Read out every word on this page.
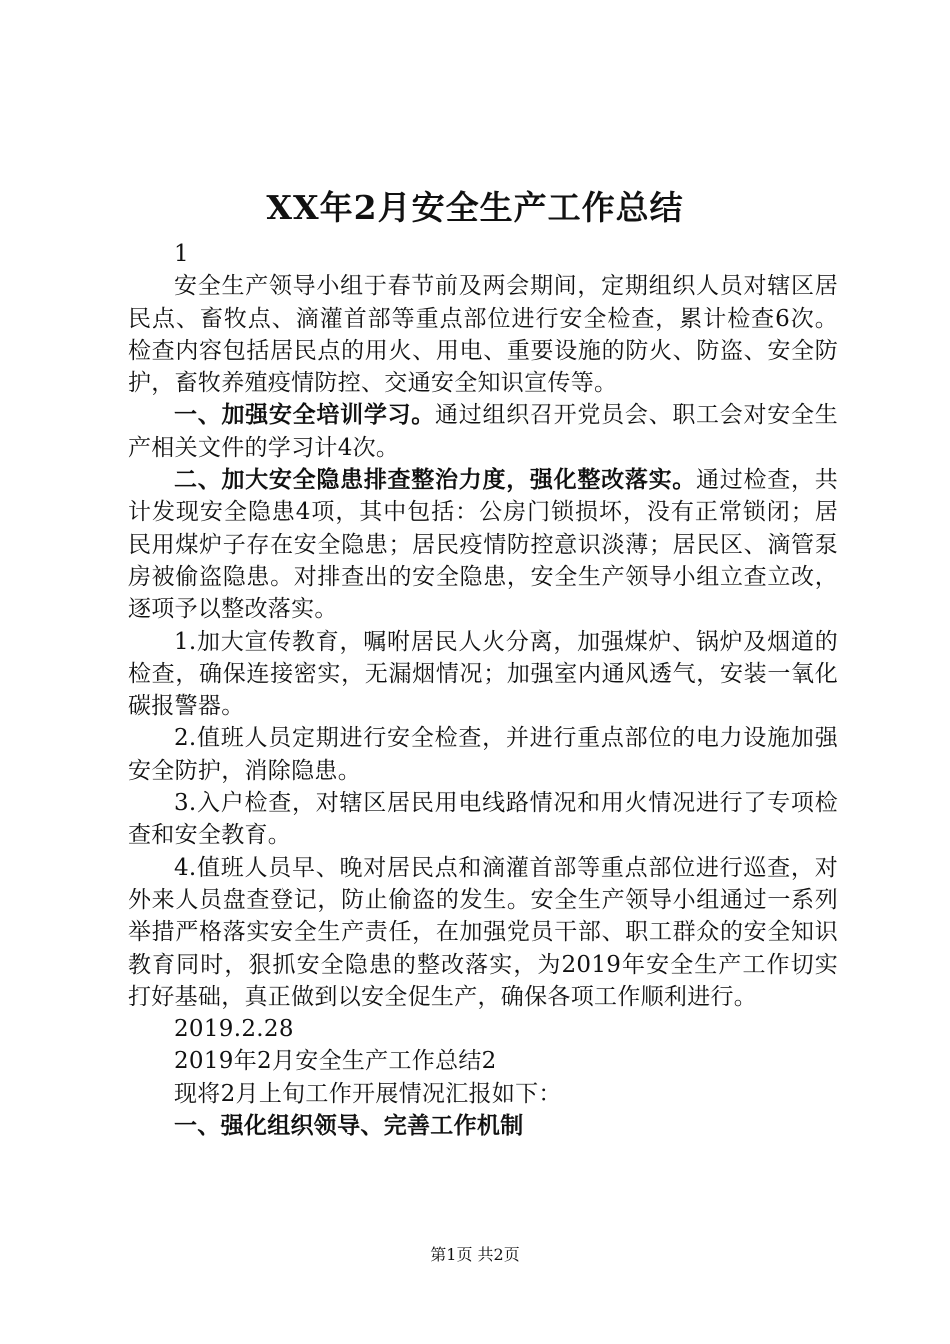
XX年2月安全生产工作总结

1

安全生产领导小组于春节前及两会期间，定期组织人员对辖区居民点、畜牧点、滴灌首部等重点部位进行安全检查，累计检查6次。检查内容包括居民点的用火、用电、重要设施的防火、防盗、安全防护，畜牧养殖疫情防控、交通安全知识宣传等。

一、加强安全培训学习。通过组织召开党员会、职工会对安全生产相关文件的学习计4次。

二、加大安全隐患排查整治力度，强化整改落实。通过检查，共计发现安全隐患4项，其中包括：公房门锁损坏，没有正常锁闭；居民用煤炉子存在安全隐患；居民疫情防控意识淡薄；居民区、滴管泵房被偷盗隐患。对排查出的安全隐患，安全生产领导小组立查立改，逐项予以整改落实。

1.加大宣传教育，嘱咐居民人火分离，加强煤炉、锅炉及烟道的检查，确保连接密实，无漏烟情况；加强室内通风透气，安装一氧化碳报警器。

2.值班人员定期进行安全检查，并进行重点部位的电力设施加强安全防护，消除隐患。

3.入户检查，对辖区居民用电线路情况和用火情况进行了专项检查和安全教育。

4.值班人员早、晚对居民点和滴灌首部等重点部位进行巡查，对外来人员盘查登记，防止偷盗的发生。安全生产领导小组通过一系列举措严格落实安全生产责任，在加强党员干部、职工群众的安全知识教育同时，狠抓安全隐患的整改落实，为2019年安全生产工作切实打好基础，真正做到以安全促生产，确保各项工作顺利进行。

2019.2.28

2019年2月安全生产工作总结2

现将2月上旬工作开展情况汇报如下：

一、强化组织领导、完善工作机制

第1页 共2页
